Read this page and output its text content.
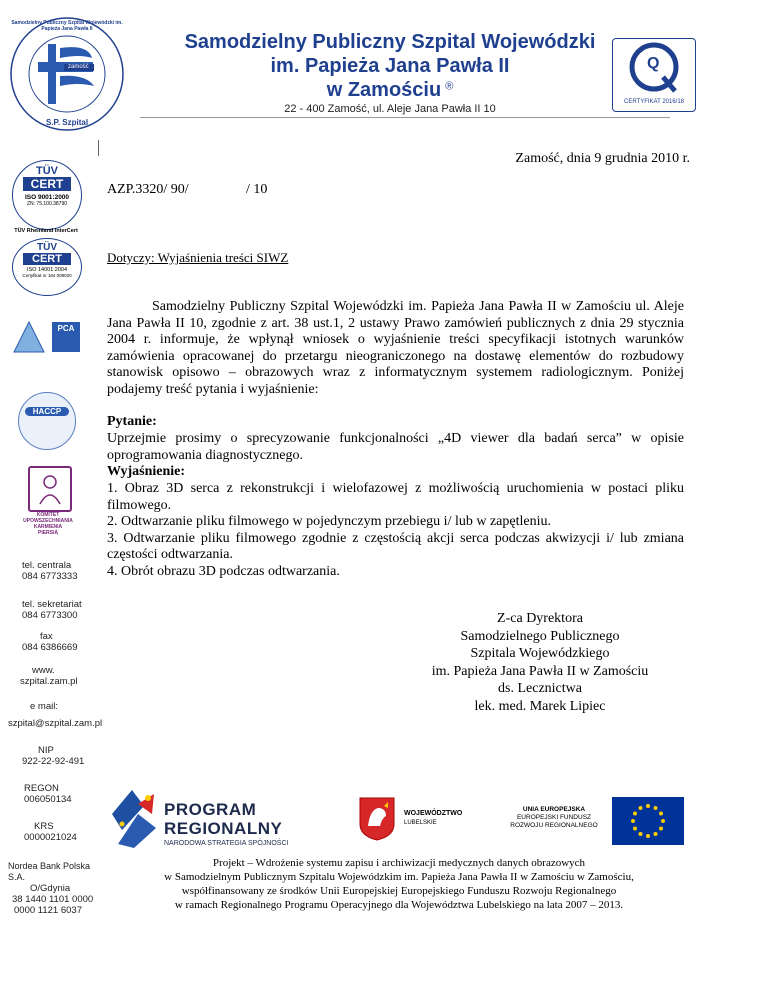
zamość
Samodzielny Publiczny Szpital Wojewódzki im. Papieża Jana Pawła II
S.P. Szpital
Samodzielny Publiczny Szpital Wojewódzki
im. Papieża Jana Pawła II
w Zamościu ®
22 - 400 Zamość, ul. Aleje Jana Pawła II 10
Q
CERTYFIKAT 2016/18
TÜV
CERT
ISO 9001:2000
ZN: 75.100.38790
TÜV Rheinland InterCert
TÜV
CERT
ISO 14001:2004
Certyfikat nr 184 008020
PCA
HACCP
KOMITET
UPOWSZECHNIANIA
KARMIENIA
PIERSIĄ
tel. centrala
084 6773333
tel. sekretariat
084 6773300
fax
084 6386669
www.
szpital.zam.pl
e mail:
szpital@szpital.zam.pl
NIP
922-22-92-491
REGON
006050134
KRS
0000021024
Nordea Bank Polska S.A.
O/Gdynia
38 1440 1101 0000
0000 1121 6037
Zamość, dnia 9 grudnia 2010 r.
AZP.3320/ 90/	/ 10
Dotyczy: Wyjaśnienia treści SIWZ
Samodzielny Publiczny Szpital Wojewódzki im. Papieża Jana Pawła II w Zamościu ul. Aleje Jana Pawła II 10, zgodnie z art. 38 ust.1, 2 ustawy Prawo zamówień publicznych z dnia 29 stycznia 2004 r. informuje, że wpłynął wniosek o wyjaśnienie treści specyfikacji istotnych warunków zamówienia opracowanej do przetargu nieograniczonego na dostawę elementów do rozbudowy stanowisk opisowo – obrazowych wraz z informatycznym systemem radiologicznym. Poniżej podajemy treść pytania i wyjaśnienie:
Pytanie:
Uprzejmie prosimy o sprecyzowanie funkcjonalności „4D viewer dla badań serca” w opisie oprogramowania diagnostycznego.
Wyjaśnienie:
1. Obraz 3D serca z rekonstrukcji i wielofazowej z możliwością uruchomienia w postaci pliku filmowego.
2. Odtwarzanie pliku filmowego w pojedynczym przebiegu i/ lub w zapętleniu.
3. Odtwarzanie pliku filmowego zgodnie z częstością akcji serca podczas akwizycji i/ lub zmiana częstości odtwarzania.
4. Obrót obrazu 3D podczas odtwarzania.
Z-ca Dyrektora
Samodzielnego Publicznego
Szpitala Wojewódzkiego
im. Papieża Jana Pawła II w Zamościu
ds. Lecznictwa
lek. med. Marek Lipiec
PROGRAM
REGIONALNY
NARODOWA STRATEGIA SPÓJNOŚCI
WOJEWÓDZTWO
LUBELSKIE
UNIA EUROPEJSKA
EUROPEJSKI FUNDUSZ
ROZWOJU REGIONALNEGO
Projekt – Wdrożenie systemu zapisu i archiwizacji medycznych danych obrazowych
w Samodzielnym Publicznym Szpitalu Wojewódzkim im. Papieża Jana Pawła II w Zamościu w Zamościu,
współfinansowany ze środków Unii Europejskiej Europejskiego Funduszu Rozwoju Regionalnego
w ramach Regionalnego Programu Operacyjnego dla Województwa Lubelskiego na lata 2007 – 2013.
